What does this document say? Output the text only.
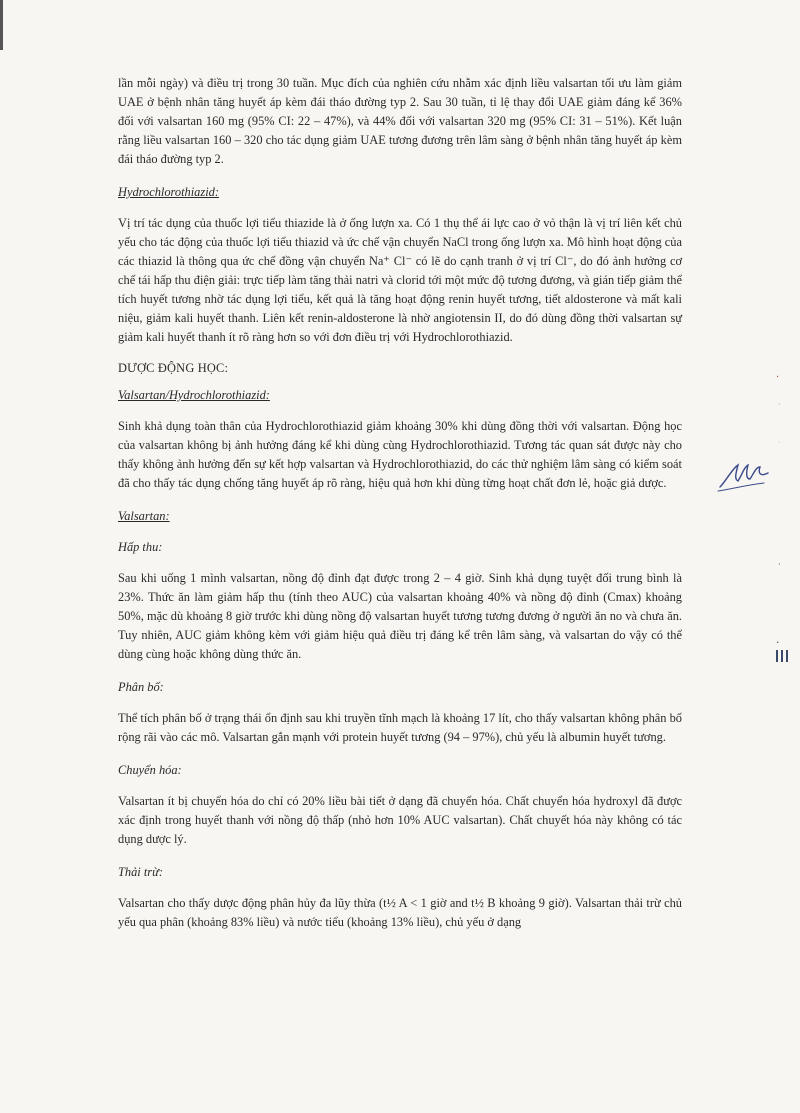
lần mỗi ngày) và điều trị trong 30 tuần. Mục đích của nghiên cứu nhằm xác định liều valsartan tối ưu làm giảm UAE ở bệnh nhân tăng huyết áp kèm đái tháo đường typ 2. Sau 30 tuần, tỉ lệ thay đổi UAE giảm đáng kể 36% đối với valsartan 160 mg (95% CI: 22 – 47%), và 44% đối với valsartan 320 mg (95% CI: 31 – 51%). Kết luận rằng liều valsartan 160 – 320 cho tác dụng giảm UAE tương đương trên lâm sàng ở bệnh nhân tăng huyết áp kèm đái tháo đường typ 2.

Hydrochlorothiazid:

Vị trí tác dụng của thuốc lợi tiểu thiazide là ở ống lượn xa. Có 1 thụ thể ái lực cao ở vỏ thận là vị trí liên kết chủ yếu cho tác động của thuốc lợi tiểu thiazid và ức chế vận chuyển NaCl trong ống lượn xa. Mô hình hoạt động của các thiazid là thông qua ức chế đồng vận chuyển Na⁺ Cl⁻ có lẽ do cạnh tranh ở vị trí Cl⁻, do đó ảnh hưởng cơ chế tái hấp thu điện giải: trực tiếp làm tăng thải natri và clorid tới một mức độ tương đương, và gián tiếp giảm thể tích huyết tương nhờ tác dụng lợi tiểu, kết quả là tăng hoạt động renin huyết tương, tiết aldosterone và mất kali niệu, giảm kali huyết thanh. Liên kết renin-aldosterone là nhờ angiotensin II, do đó dùng đồng thời valsartan sự giảm kali huyết thanh ít rõ ràng hơn so với đơn điều trị với Hydrochlorothiazid.

DƯỢC ĐỘNG HỌC:

Valsartan/Hydrochlorothiazid:

Sinh khả dụng toàn thân của Hydrochlorothiazid giảm khoảng 30% khi dùng đồng thời với valsartan. Động học của valsartan không bị ảnh hưởng đáng kể khi dùng cùng Hydrochlorothiazid. Tương tác quan sát được này cho thấy không ảnh hưởng đến sự kết hợp valsartan và Hydrochlorothiazid, do các thử nghiệm lâm sàng có kiểm soát đã cho thấy tác dụng chống tăng huyết áp rõ ràng, hiệu quả hơn khi dùng từng hoạt chất đơn lẻ, hoặc giả dược.

Valsartan:

Hấp thu:

Sau khi uống 1 mình valsartan, nồng độ đỉnh đạt được trong 2 – 4 giờ. Sinh khả dụng tuyệt đối trung bình là 23%. Thức ăn làm giảm hấp thu (tính theo AUC) của valsartan khoảng 40% và nồng độ đỉnh (Cmax) khoảng 50%, mặc dù khoảng 8 giờ trước khi dùng nồng độ valsartan huyết tương tương đương ở người ăn no và chưa ăn. Tuy nhiên, AUC giảm không kèm với giảm hiệu quả điều trị đáng kể trên lâm sàng, và valsartan do vậy có thể dùng cùng hoặc không dùng thức ăn.

Phân bố:

Thể tích phân bố ở trạng thái ổn định sau khi truyền tĩnh mạch là khoảng 17 lít, cho thấy valsartan không phân bố rộng rãi vào các mô. Valsartan gắn mạnh với protein huyết tương (94 – 97%), chủ yếu là albumin huyết tương.

Chuyển hóa:

Valsartan ít bị chuyển hóa do chỉ có 20% liều bài tiết ở dạng đã chuyển hóa. Chất chuyển hóa hydroxyl đã được xác định trong huyết thanh với nồng độ thấp (nhỏ hơn 10% AUC valsartan). Chất chuyết hóa này không có tác dụng dược lý.

Thải trừ:

Valsartan cho thấy dược động phân hủy đa lũy thừa (t½ A < 1 giờ and t½ B khoảng 9 giờ). Valsartan thải trừ chủ yếu qua phân (khoảng 83% liều) và nước tiểu (khoảng 13% liều), chủ yếu ở dạng

·
·
·
·
·
